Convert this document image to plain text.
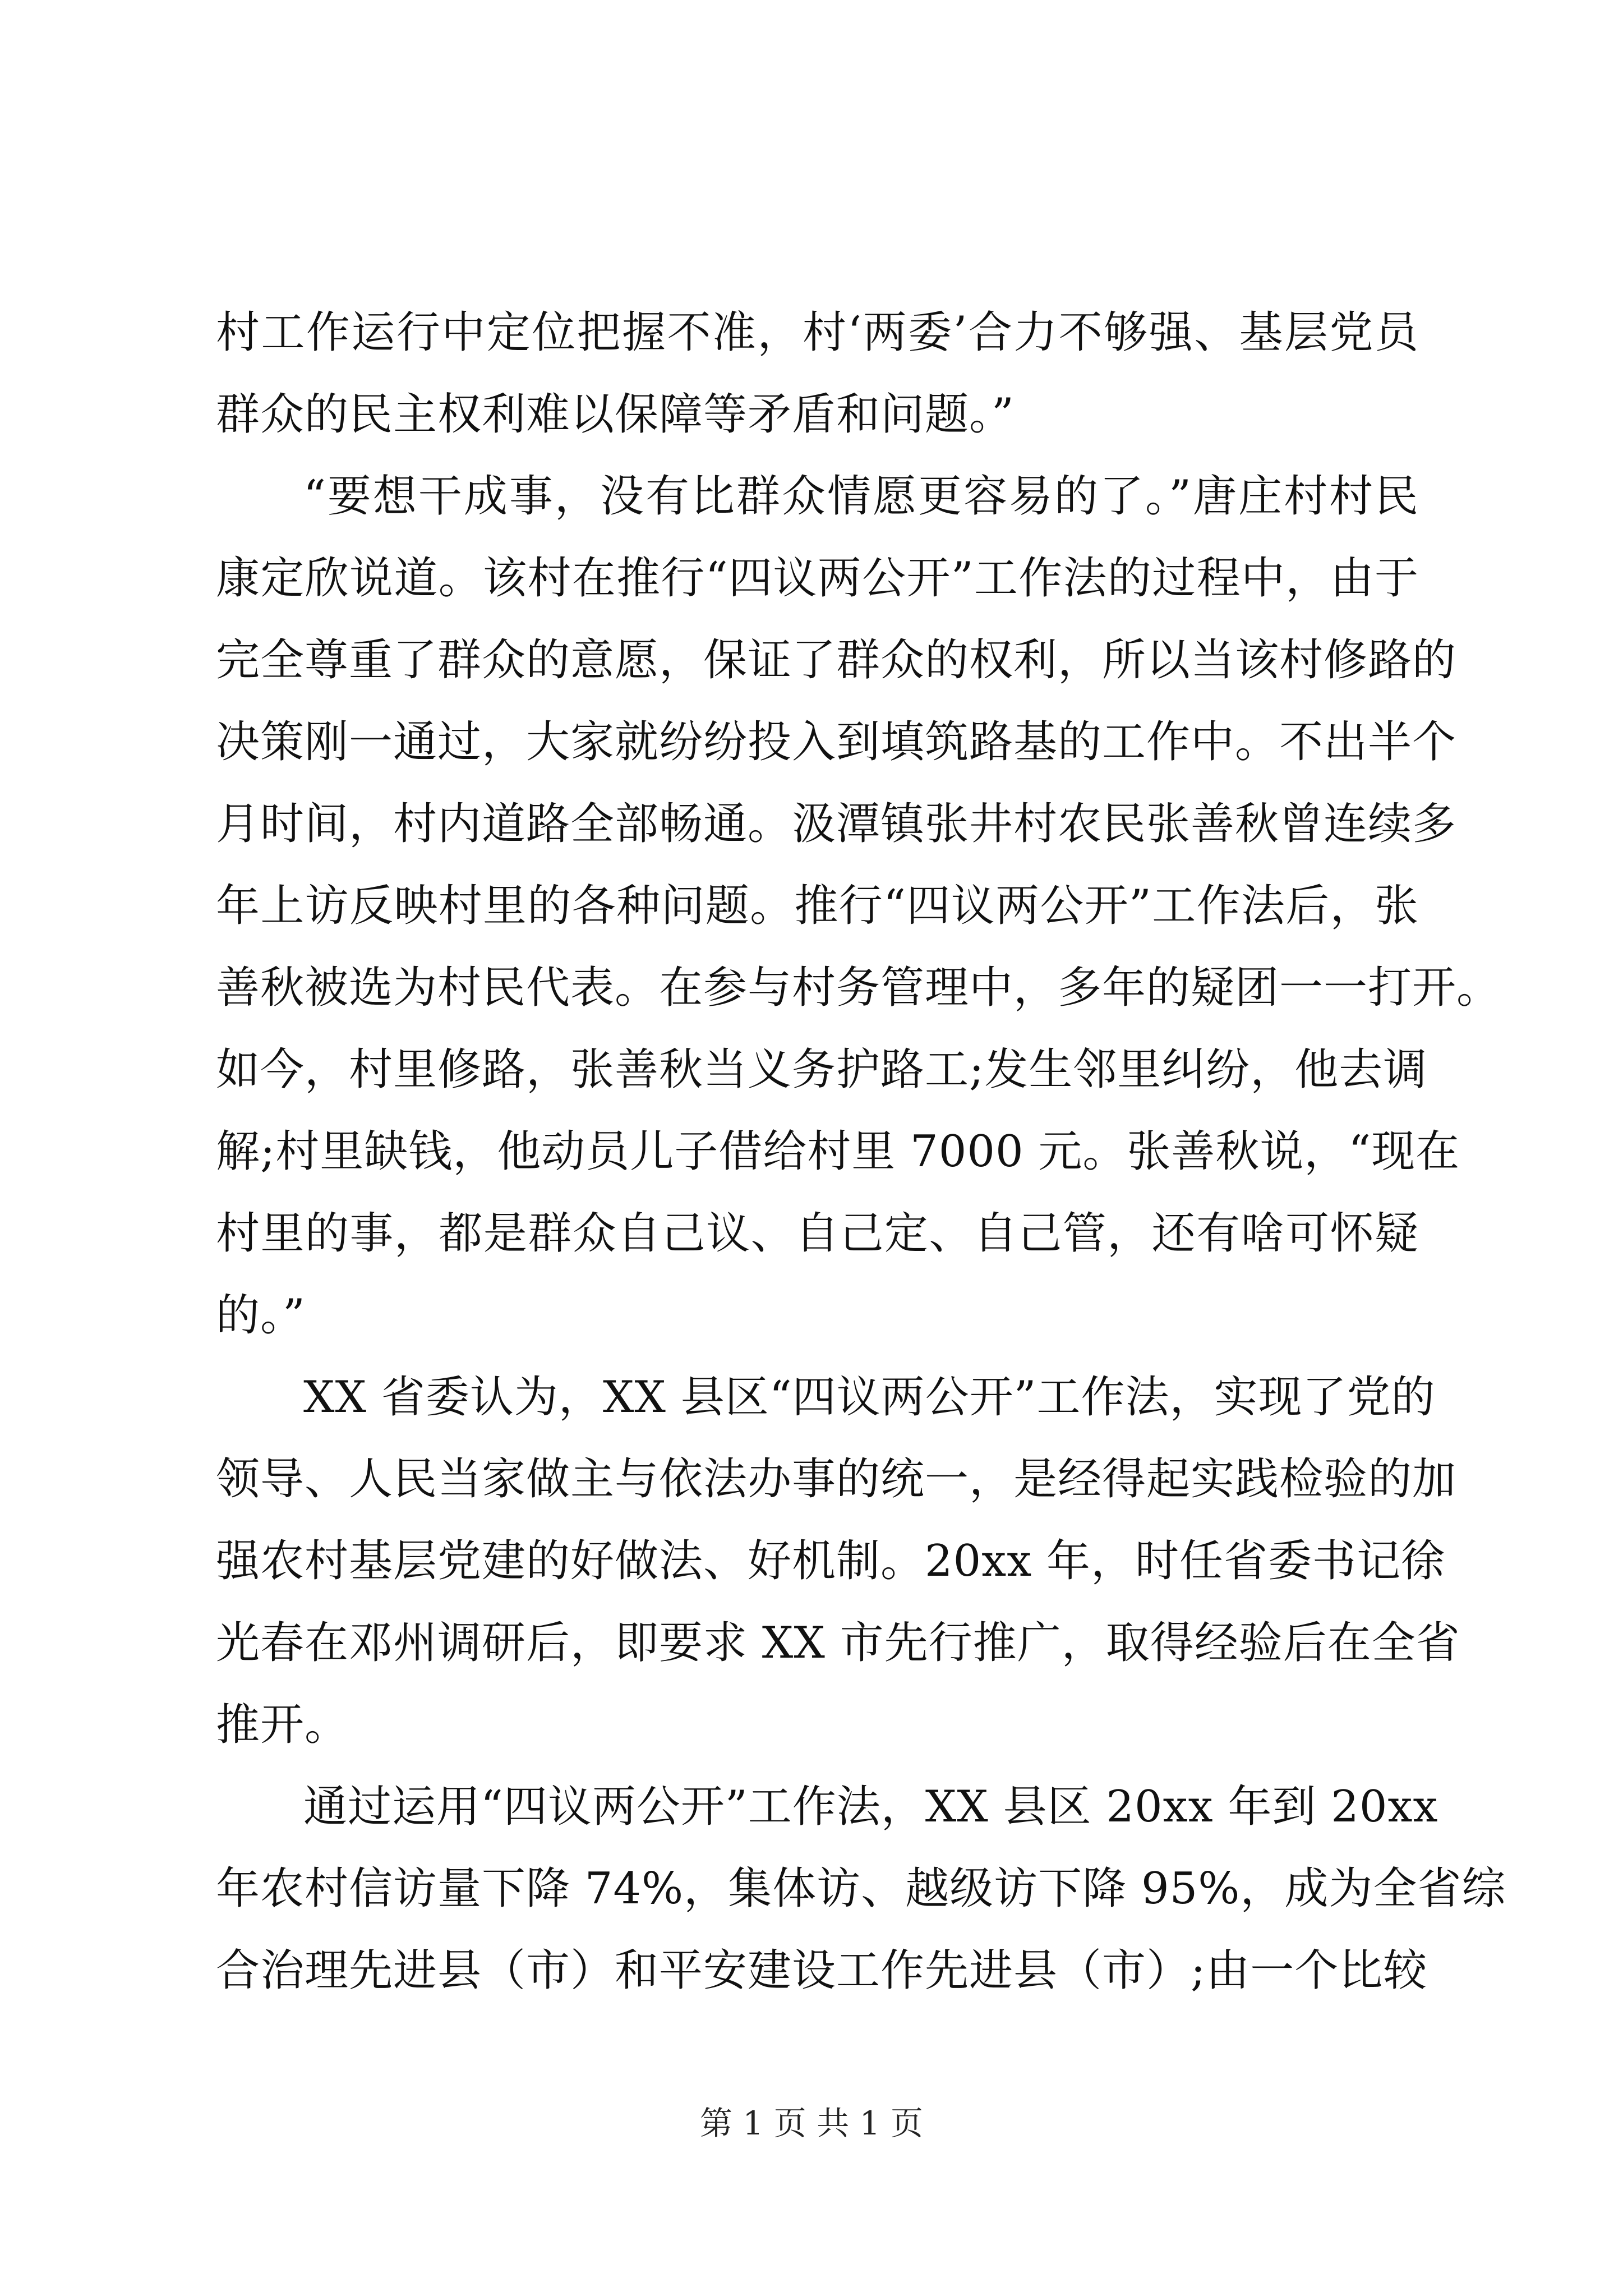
村工作运行中定位把握不准，村‘两委’合力不够强、基层党员
群众的民主权利难以保障等矛盾和问题。”
“要想干成事，没有比群众情愿更容易的了。”唐庄村村民
康定欣说道。该村在推行“四议两公开”工作法的过程中，由于
完全尊重了群众的意愿，保证了群众的权利，所以当该村修路的
决策刚一通过，大家就纷纷投入到填筑路基的工作中。不出半个
月时间，村内道路全部畅通。汲潭镇张井村农民张善秋曾连续多
年上访反映村里的各种问题。推行“四议两公开”工作法后，张
善秋被选为村民代表。在参与村务管理中，多年的疑团一一打开。
如今，村里修路，张善秋当义务护路工;发生邻里纠纷，他去调
解;村里缺钱，他动员儿子借给村里 7000 元。张善秋说，“现在
村里的事，都是群众自己议、自己定、自己管，还有啥可怀疑
的。”
XX 省委认为，XX 县区“四议两公开”工作法，实现了党的
领导、人民当家做主与依法办事的统一，是经得起实践检验的加
强农村基层党建的好做法、好机制。20xx 年，时任省委书记徐
光春在邓州调研后，即要求 XX 市先行推广，取得经验后在全省
推开。
通过运用“四议两公开”工作法，XX 县区 20xx 年到 20xx
年农村信访量下降 74%，集体访、越级访下降 95%，成为全省综
合治理先进县（市）和平安建设工作先进县（市）;由一个比较
第 1 页 共 1 页
